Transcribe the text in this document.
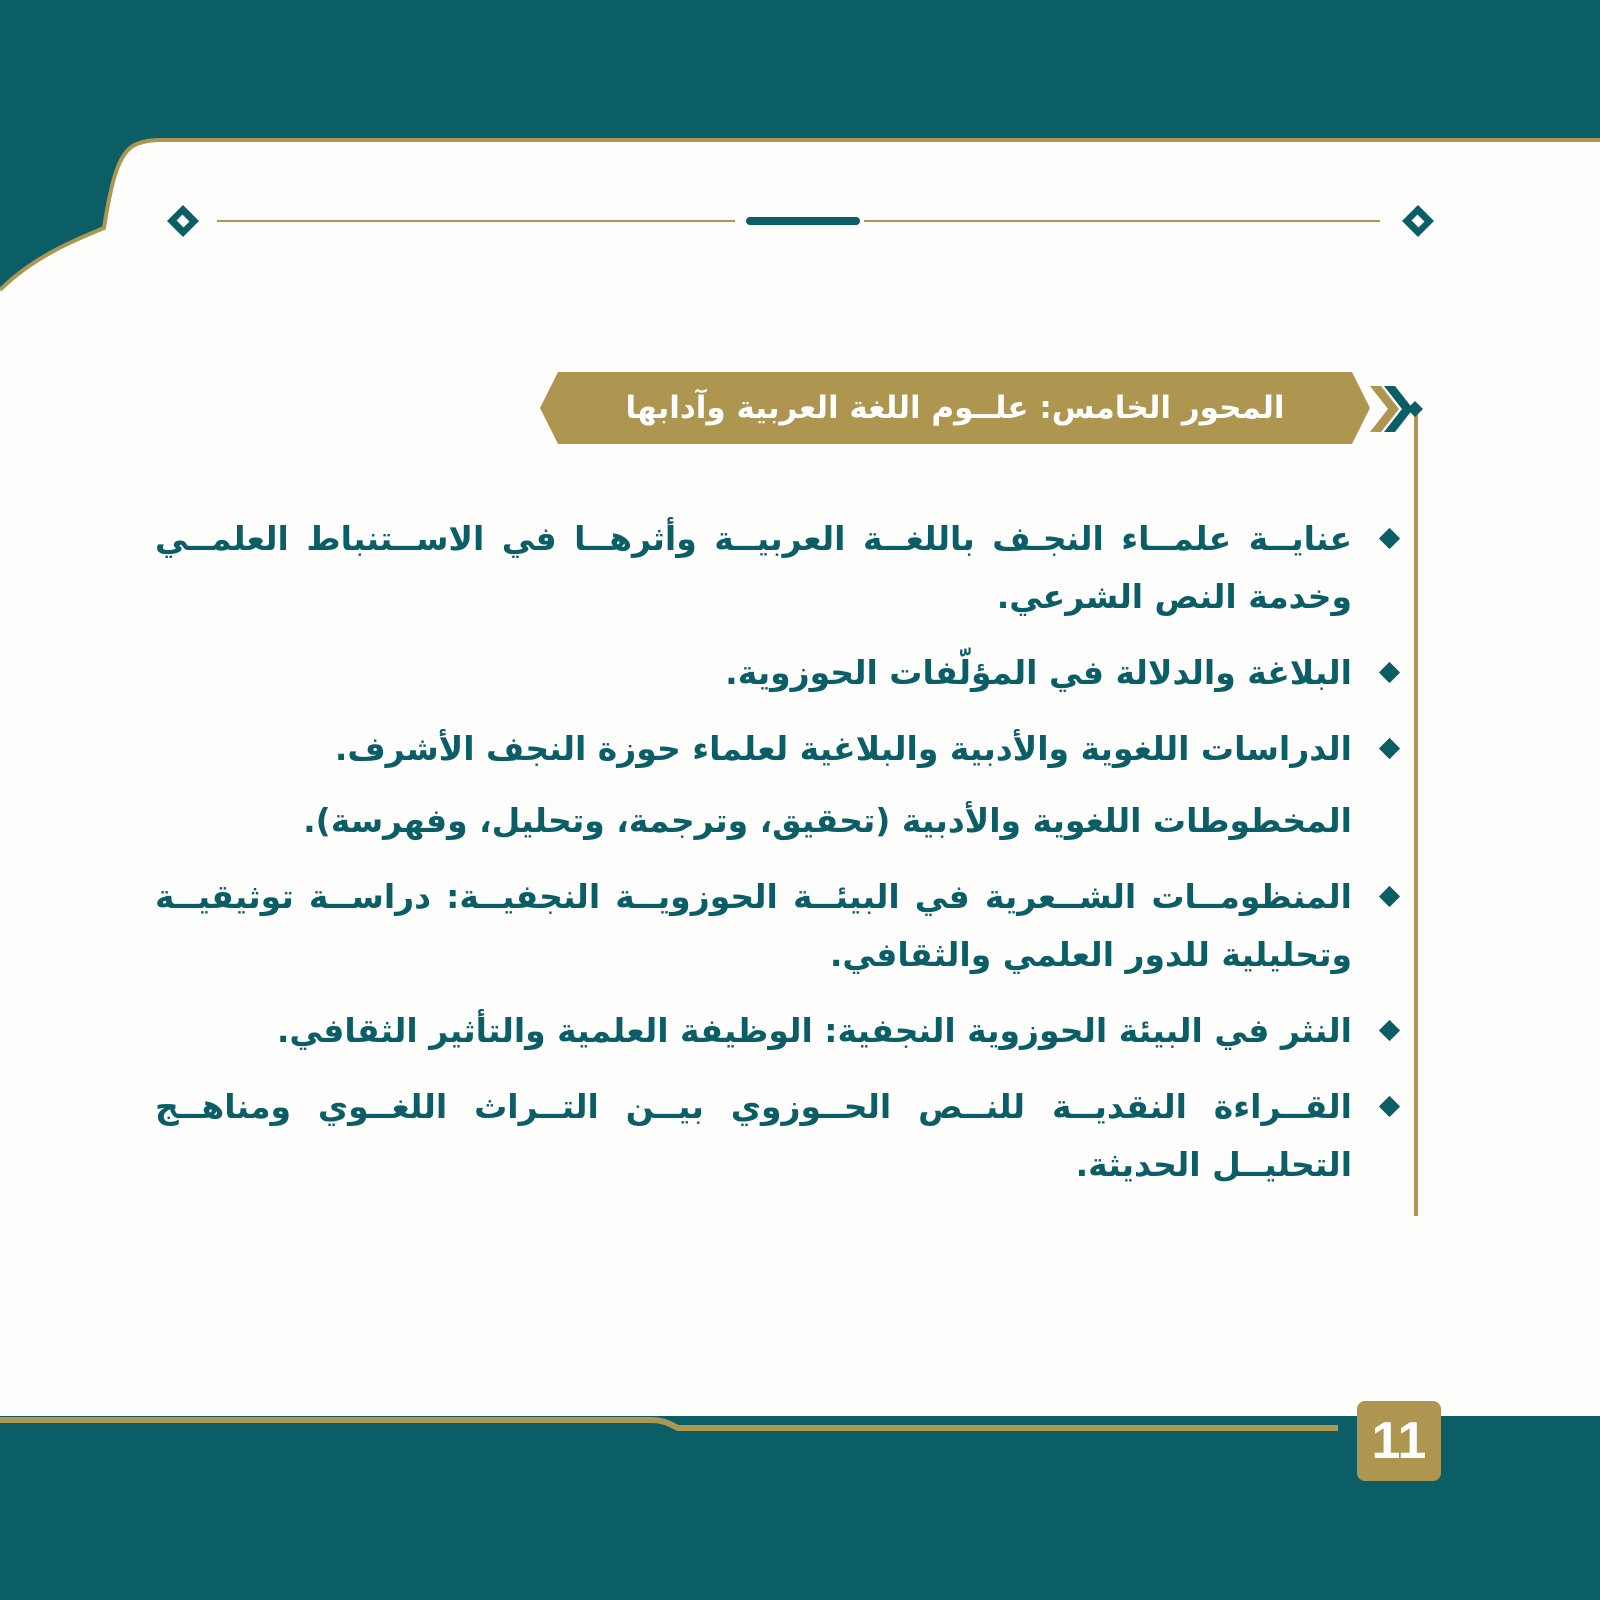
المحور الخامس: علــوم اللغة العربية وآدابها
عنايــة علمــاء النجـف باللغــة العربيــة وأثرهــا في الاســتنباط العلمــي وخدمة النص الشرعي.
البلاغة والدلالة في المؤلّفات الحوزوية.
الدراسات اللغوية والأدبية والبلاغية لعلماء حوزة النجف الأشرف.
المخطوطات اللغوية والأدبية (تحقيق، وترجمة، وتحليل، وفهرسة).
المنظومــات الشــعرية في البيئــة الحوزويــة النجفيــة: دراســة توثيقيــة وتحليلية للدور العلمي والثقافي.
النثر في البيئة الحوزوية النجفية: الوظيفة العلمية والتأثير الثقافي.
القــراءة النقديــة للنــص الحــوزوي بيــن التــراث اللغــوي ومناهــج التحليــل الحديثة.
11
